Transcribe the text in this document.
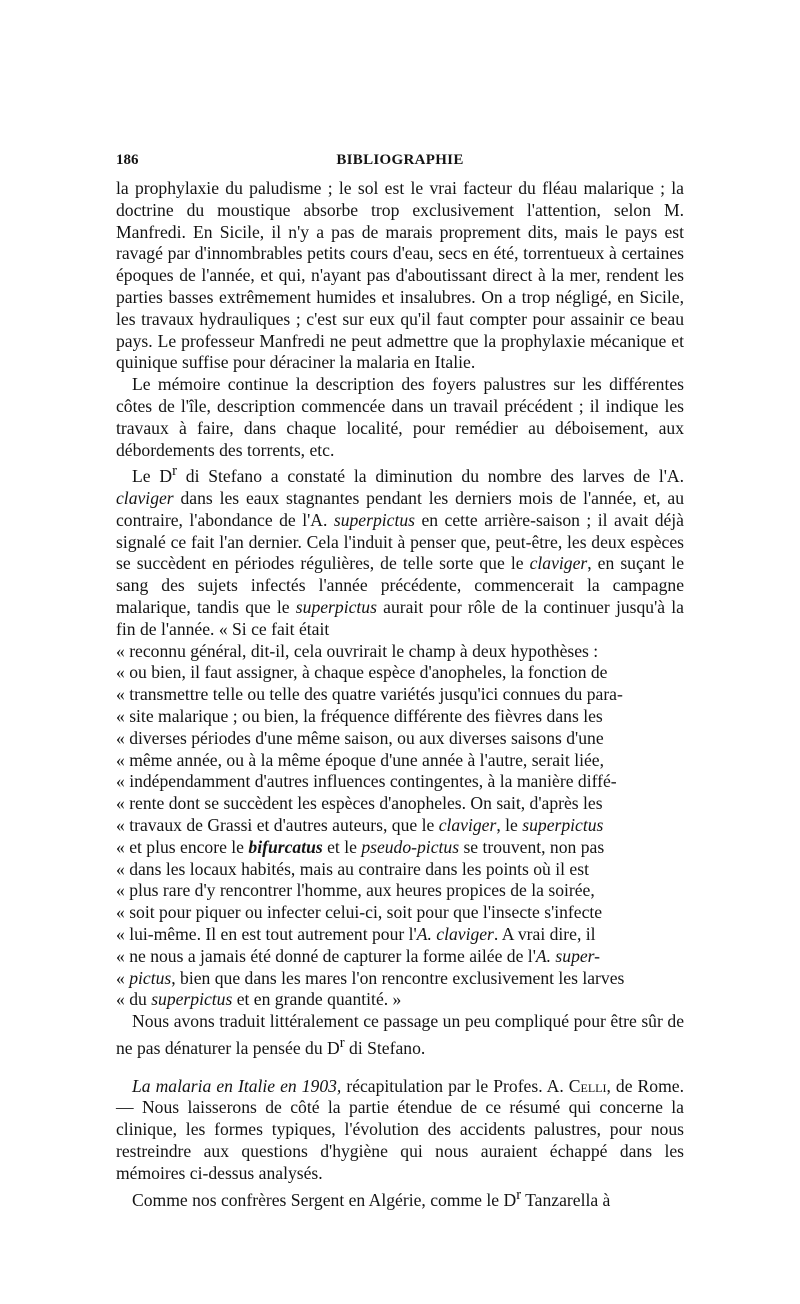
186	BIBLIOGRAPHIE

la prophylaxie du paludisme ; le sol est le vrai facteur du fléau malarique ; la doctrine du moustique absorbe trop exclusivement l'attention, selon M. Manfredi. En Sicile, il n'y a pas de marais proprement dits, mais le pays est ravagé par d'innombrables petits cours d'eau, secs en été, torrentueux à certaines époques de l'année, et qui, n'ayant pas d'aboutissant direct à la mer, rendent les parties basses extrêmement humides et insalubres. On a trop négligé, en Sicile, les travaux hydrauliques ; c'est sur eux qu'il faut compter pour assainir ce beau pays. Le professeur Manfredi ne peut admettre que la prophylaxie mécanique et quinique suffise pour déraciner la malaria en Italie.

Le mémoire continue la description des foyers palustres sur les différentes côtes de l'île, description commencée dans un travail précédent ; il indique les travaux à faire, dans chaque localité, pour remédier au déboisement, aux débordements des torrents, etc.

Le $D^r$ di Stefano a constaté la diminution du nombre des larves de l'A. claviger dans les eaux stagnantes pendant les derniers mois de l'année, et, au contraire, l'abondance de l'A. superpictus en cette arrière-saison ; il avait déjà signalé ce fait l'an dernier. Cela l'induit à penser que, peut-être, les deux espèces se succèdent en périodes régulières, de telle sorte que le claviger, en suçant le sang des sujets infectés l'année précédente, commencerait la campagne malarique, tandis que le superpictus aurait pour rôle de la continuer jusqu'à la fin de l'année. « Si ce fait était

« reconnu général, dit-il, cela ouvrirait le champ à deux hypothèses :
« ou bien, il faut assigner, à chaque espèce d'anopheles, la fonction de
« transmettre telle ou telle des quatre variétés jusqu'ici connues du para-
« site malarique ; ou bien, la fréquence différente des fièvres dans les
« diverses périodes d'une même saison, ou aux diverses saisons d'une
« même année, ou à la même époque d'une année à l'autre, serait liée,
« indépendamment d'autres influences contingentes, à la manière diffé-
« rente dont se succèdent les espèces d'anopheles. On sait, d'après les
« travaux de Grassi et d'autres auteurs, que le claviger, le superpictus
« et plus encore le bifurcatus et le pseudo-pictus se trouvent, non pas
« dans les locaux habités, mais au contraire dans les points où il est
« plus rare d'y rencontrer l'homme, aux heures propices de la soirée,
« soit pour piquer ou infecter celui-ci, soit pour que l'insecte s'infecte
« lui-même. Il en est tout autrement pour l'A. claviger. A vrai dire, il
« ne nous a jamais été donné de capturer la forme ailée de l'A. super-
« pictus, bien que dans les mares l'on rencontre exclusivement les larves
« du superpictus et en grande quantité. »

Nous avons traduit littéralement ce passage un peu compliqué pour être sûr de ne pas dénaturer la pensée du $D^r$ di Stefano.

La malaria en Italie en 1903, récapitulation par le Profes. A. Celli, de Rome. — Nous laisserons de côté la partie étendue de ce résumé qui concerne la clinique, les formes typiques, l'évolution des accidents palustres, pour nous restreindre aux questions d'hygiène qui nous auraient échappé dans les mémoires ci-dessus analysés.

Comme nos confrères Sergent en Algérie, comme le $D^r$ Tanzarella à
